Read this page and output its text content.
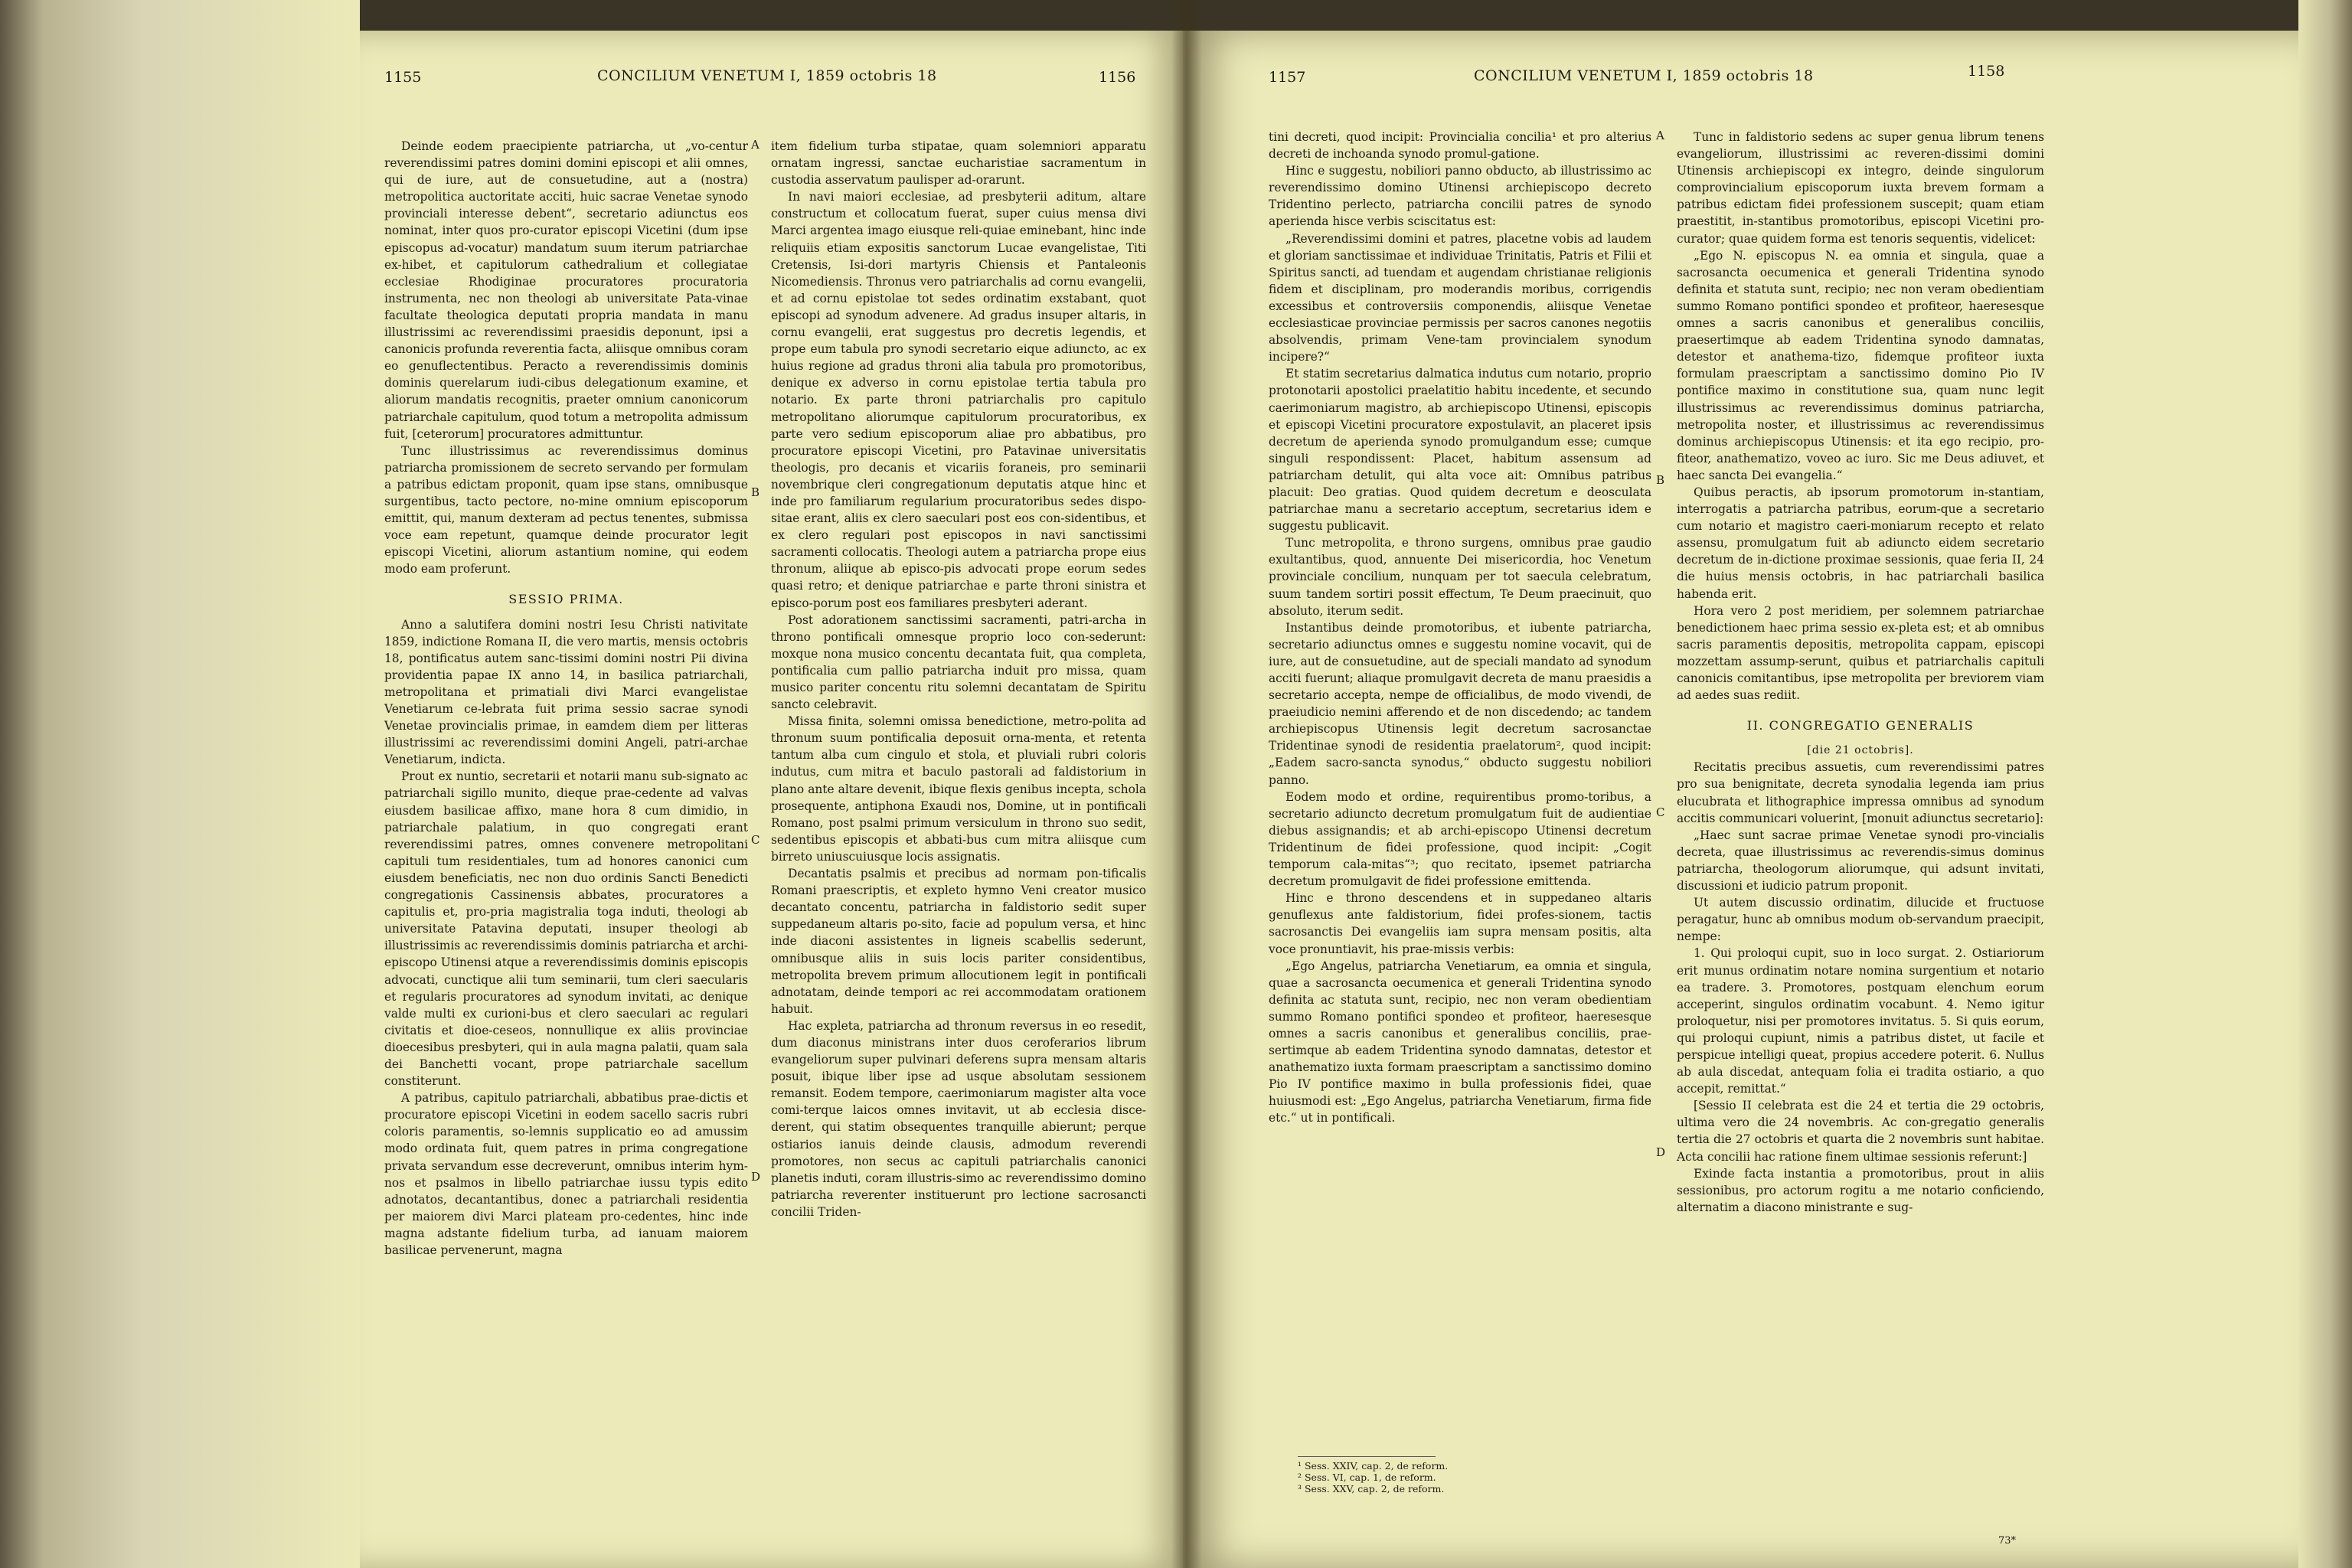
1155	CONCILIUM VENETUM I, 1859 octobris 18	1156

Deinde eodem praecipiente patriarcha, ut „vo-centur reverendissimi patres domini domini episcopi et alii omnes, qui de iure, aut de consuetudine, aut a (nostra) metropolitica auctoritate acciti, huic sacrae Venetae synodo provinciali interesse debent“, secretario adiunctus eos nominat, inter quos pro-curator episcopi Vicetini (dum ipse episcopus ad-vocatur) mandatum suum iterum patriarchae ex-hibet, et capitulorum cathedralium et collegiatae ecclesiae Rhodiginae procuratores procuratoria instrumenta, nec non theologi ab universitate Pata-vinae facultate theologica deputati propria mandata in manu illustrissimi ac reverendissimi praesidis deponunt, ipsi a canonicis profunda reverentia facta, aliisque omnibus coram eo genuflectentibus. Peracto a reverendissimis dominis dominis querelarum iudi-cibus delegationum examine, et aliorum mandatis recognitis, praeter omnium canonicorum patriarchale capitulum, quod totum a metropolita admissum fuit, [ceterorum] procuratores admittuntur.

Tunc illustrissimus ac reverendissimus dominus patriarcha promissionem de secreto servando per formulam a patribus edictam proponit, quam ipse stans, omnibusque surgentibus, tacto pectore, no-mine omnium episcoporum emittit, qui, manum dexteram ad pectus tenentes, submissa voce eam repetunt, quamque deinde procurator legit episcopi Vicetini, aliorum astantium nomine, qui eodem modo eam proferunt.

SESSIO PRIMA.

Anno a salutifera domini nostri Iesu Christi nativitate 1859, indictione Romana II, die vero martis, mensis octobris 18, pontificatus autem sanc-tissimi domini nostri Pii divina providentia papae IX anno 14, in basilica patriarchali, metropolitana et primatiali divi Marci evangelistae Venetiarum ce-lebrata fuit prima sessio sacrae synodi Venetae provincialis primae, in eamdem diem per litteras illustrissimi ac reverendissimi domini Angeli, patri-archae Venetiarum, indicta.

Prout ex nuntio, secretarii et notarii manu sub-signato ac patriarchali sigillo munito, dieque prae-cedente ad valvas eiusdem basilicae affixo, mane hora 8 cum dimidio, in patriarchale palatium, in quo congregati erant reverendissimi patres, omnes convenere metropolitani capituli tum residentiales, tum ad honores canonici cum eiusdem beneficiatis, nec non duo ordinis Sancti Benedicti congregationis Cassinensis abbates, procuratores a capitulis et, pro-pria magistralia toga induti, theologi ab universitate Patavina deputati, insuper theologi ab illustrissimis ac reverendissimis dominis patriarcha et archi-episcopo Utinensi atque a reverendissimis dominis episcopis advocati, cunctique alii tum seminarii, tum cleri saecularis et regularis procuratores ad synodum invitati, ac denique valde multi ex curioni-bus et clero saeculari ac regulari civitatis et dioe-ceseos, nonnullique ex aliis provinciae dioecesibus presbyteri, qui in aula magna palatii, quam sala dei Banchetti vocant, prope patriarchale sacellum constiterunt.

A patribus, capitulo patriarchali, abbatibus prae-dictis et procuratore episcopi Vicetini in eodem sacello sacris rubri coloris paramentis, so-lemnis supplicatio eo ad amussim modo ordinata fuit, quem patres in prima congregatione privata servandum esse decreverunt, omnibus interim hym-nos et psalmos in libello patriarchae iussu typis edito adnotatos, decantantibus, donec a patriarchali residentia per maiorem divi Marci plateam pro-cedentes, hinc inde magna adstante fidelium turba, ad ianuam maiorem basilicae pervenerunt, magna

A
B
C
D

item fidelium turba stipatae, quam solemniori apparatu ornatam ingressi, sanctae eucharistiae sacramentum in custodia asservatum paulisper ad-orarunt.

In navi maiori ecclesiae, ad presbyterii aditum, altare constructum et collocatum fuerat, super cuius mensa divi Marci argentea imago eiusque reli-quiae eminebant, hinc inde reliquiis etiam expositis sanctorum Lucae evangelistae, Titi Cretensis, Isi-dori martyris Chiensis et Pantaleonis Nicomediensis. Thronus vero patriarchalis ad cornu evangelii, et ad cornu epistolae tot sedes ordinatim exstabant, quot episcopi ad synodum advenere. Ad gradus insuper altaris, in cornu evangelii, erat suggestus pro decretis legendis, et prope eum tabula pro synodi secretario eique adiuncto, ac ex huius regione ad gradus throni alia tabula pro promotoribus, denique ex adverso in cornu epistolae tertia tabula pro notario. Ex parte throni patriarchalis pro capitulo metropolitano aliorumque capitulorum procuratoribus, ex parte vero sedium episcoporum aliae pro abbatibus, pro procuratore episcopi Vicetini, pro Patavinae universitatis theologis, pro decanis et vicariis foraneis, pro seminarii novembrique cleri congregationum deputatis atque hinc et inde pro familiarum regularium procuratoribus sedes dispo-sitae erant, aliis ex clero saeculari post eos con-sidentibus, et ex clero regulari post episcopos in navi sanctissimi sacramenti collocatis. Theologi autem a patriarcha prope eius thronum, aliique ab episco-pis advocati prope eorum sedes quasi retro; et denique patriarchae e parte throni sinistra et episco-porum post eos familiares presbyteri aderant.

Post adorationem sanctissimi sacramenti, patri-archa in throno pontificali omnesque proprio loco con-sederunt: moxque nona musico concentu decantata fuit, qua completa, pontificalia cum pallio patriarcha induit pro missa, quam musico pariter concentu ritu solemni decantatam de Spiritu sancto celebravit.

Missa finita, solemni omissa benedictione, metro-polita ad thronum suum pontificalia deposuit orna-menta, et retenta tantum alba cum cingulo et stola, et pluviali rubri coloris indutus, cum mitra et baculo pastorali ad faldistorium in plano ante altare devenit, ibique flexis genibus incepta, schola prosequente, antiphona Exaudi nos, Domine, ut in pontificali Romano, post psalmi primum versiculum in throno suo sedit, sedentibus episcopis et abbati-bus cum mitra aliisque cum birreto uniuscuiusque locis assignatis.

Decantatis psalmis et precibus ad normam pon-tificalis Romani praescriptis, et expleto hymno Veni creator musico decantato concentu, patriarcha in faldistorio sedit super suppedaneum altaris po-sito, facie ad populum versa, et hinc inde diaconi assistentes in ligneis scabellis sederunt, omnibusque aliis in suis locis pariter considentibus, metropolita brevem primum allocutionem legit in pontificali adnotatam, deinde tempori ac rei accommodatam orationem habuit.

Hac expleta, patriarcha ad thronum reversus in eo resedit, dum diaconus ministrans inter duos ceroferarios librum evangeliorum super pulvinari deferens supra mensam altaris posuit, ibique liber ipse ad usque absolutam sessionem remansit. Eodem tempore, caerimoniarum magister alta voce comi-terque laicos omnes invitavit, ut ab ecclesia disce-derent, qui statim obsequentes tranquille abierunt; perque ostiarios ianuis deinde clausis, admodum reverendi promotores, non secus ac capituli patriarchalis canonici planetis induti, coram illustris-simo ac reverendissimo domino patriarcha reverenter instituerunt pro lectione sacrosancti concilii Triden-

1157	CONCILIUM VENETUM I, 1859 octobris 18	1158

tini decreti, quod incipit: Provincialia concilia¹ et pro alterius decreti de inchoanda synodo promul-gatione.

Hinc e suggestu, nobiliori panno obducto, ab illustrissimo ac reverendissimo domino Utinensi archiepiscopo decreto Tridentino perlecto, patriarcha concilii patres de synodo aperienda hisce verbis sciscitatus est:

„Reverendissimi domini et patres, placetne vobis ad laudem et gloriam sanctissimae et individuae Trinitatis, Patris et Filii et Spiritus sancti, ad tuendam et augendam christianae religionis fidem et disciplinam, pro moderandis moribus, corrigendis excessibus et controversiis componendis, aliisque Venetae ecclesiasticae provinciae permissis per sacros canones negotiis absolvendis, primam Vene-tam provincialem synodum incipere?“

Et statim secretarius dalmatica indutus cum notario, proprio protonotarii apostolici praelatitio habitu incedente, et secundo caerimoniarum magistro, ab archiepiscopo Utinensi, episcopis et episcopi Vicetini procuratore expostulavit, an placeret ipsis decretum de aperienda synodo promulgandum esse; cumque singuli respondissent: Placet, habitum assensum ad patriarcham detulit, qui alta voce ait: Omnibus patribus placuit: Deo gratias. Quod quidem decretum e deosculata patriarchae manu a secretario acceptum, secretarius idem e suggestu publicavit.

Tunc metropolita, e throno surgens, omnibus prae gaudio exultantibus, quod, annuente Dei misericordia, hoc Venetum provinciale concilium, nunquam per tot saecula celebratum, suum tandem sortiri possit effectum, Te Deum praecinuit, quo absoluto, iterum sedit.

Instantibus deinde promotoribus, et iubente patriarcha, secretario adiunctus omnes e suggestu nomine vocavit, qui de iure, aut de consuetudine, aut de speciali mandato ad synodum acciti fuerunt; aliaque promulgavit decreta de manu praesidis a secretario accepta, nempe de officialibus, de modo vivendi, de praeiudicio nemini afferendo et de non discedendo; ac tandem archiepiscopus Utinensis legit decretum sacrosanctae Tridentinae synodi de residentia praelatorum², quod incipit: „Eadem sacro-sancta synodus,“ obducto suggestu nobiliori panno.

Eodem modo et ordine, requirentibus promo-toribus, a secretario adiuncto decretum promulgatum fuit de audientiae diebus assignandis; et ab archi-episcopo Utinensi decretum Tridentinum de fidei professione, quod incipit: „Cogit temporum cala-mitas“³; quo recitato, ipsemet patriarcha decretum promulgavit de fidei professione emittenda.

Hinc e throno descendens et in suppedaneo altaris genuflexus ante faldistorium, fidei profes-sionem, tactis sacrosanctis Dei evangeliis iam supra mensam positis, alta voce pronuntiavit, his prae-missis verbis:

„Ego Angelus, patriarcha Venetiarum, ea omnia et singula, quae a sacrosancta oecumenica et generali Tridentina synodo definita ac statuta sunt, recipio, nec non veram obedientiam summo Romano pontifici spondeo et profiteor, haeresesque omnes a sacris canonibus et generalibus conciliis, prae-sertimque ab eadem Tridentina synodo damnatas, detestor et anathematizo iuxta formam praescriptam a sanctissimo domino Pio IV pontifice maximo in bulla professionis fidei, quae huiusmodi est: „Ego Angelus, patriarcha Venetiarum, firma fide etc.“ ut in pontificali.

¹ Sess. XXIV, cap. 2, de reform.
² Sess. VI, cap. 1, de reform.
³ Sess. XXV, cap. 2, de reform.
A
B
C
D

Tunc in faldistorio sedens ac super genua librum tenens evangeliorum, illustrissimi ac reveren-dissimi domini Utinensis archiepiscopi ex integro, deinde singulorum comprovincialium episcoporum iuxta brevem formam a patribus edictam fidei professionem suscepit; quam etiam praestitit, in-stantibus promotoribus, episcopi Vicetini pro-curator; quae quidem forma est tenoris sequentis, videlicet:

„Ego N. episcopus N. ea omnia et singula, quae a sacrosancta oecumenica et generali Tridentina synodo definita et statuta sunt, recipio; nec non veram obedientiam summo Romano pontifici spondeo et profiteor, haeresesque omnes a sacris canonibus et generalibus conciliis, praesertimque ab eadem Tridentina synodo damnatas, detestor et anathema-tizo, fidemque profiteor iuxta formulam praescriptam a sanctissimo domino Pio IV pontifice maximo in constitutione sua, quam nunc legit illustrissimus ac reverendissimus dominus patriarcha, metropolita noster, et illustrissimus ac reverendissimus dominus archiepiscopus Utinensis: et ita ego recipio, pro-fiteor, anathematizo, voveo ac iuro. Sic me Deus adiuvet, et haec sancta Dei evangelia.“

Quibus peractis, ab ipsorum promotorum in-stantiam, interrogatis a patriarcha patribus, eorum-que a secretario cum notario et magistro caeri-moniarum recepto et relato assensu, promulgatum fuit ab adiuncto eidem secretario decretum de in-dictione proximae sessionis, quae feria II, 24 die huius mensis octobris, in hac patriarchali basilica habenda erit.

Hora vero 2 post meridiem, per solemnem patriarchae benedictionem haec prima sessio ex-pleta est; et ab omnibus sacris paramentis depositis, metropolita cappam, episcopi mozzettam assump-serunt, quibus et patriarchalis capituli canonicis comitantibus, ipse metropolita per breviorem viam ad aedes suas rediit.

II. CONGREGATIO GENERALIS

[die 21 octobris].

Recitatis precibus assuetis, cum reverendissimi patres pro sua benignitate, decreta synodalia legenda iam prius elucubrata et lithographice impressa omnibus ad synodum accitis communicari voluerint, [monuit adiunctus secretario]:

„Haec sunt sacrae primae Venetae synodi pro-vincialis decreta, quae illustrissimus ac reverendis-simus dominus patriarcha, theologorum aliorumque, qui adsunt invitati, discussioni et iudicio patrum proponit.

Ut autem discussio ordinatim, dilucide et fructuose peragatur, hunc ab omnibus modum ob-servandum praecipit, nempe:

1. Qui proloqui cupit, suo in loco surgat. 2. Ostiariorum erit munus ordinatim notare nomina surgentium et notario ea tradere. 3. Promotores, postquam elenchum eorum acceperint, singulos ordinatim vocabunt. 4. Nemo igitur proloquetur, nisi per promotores invitatus. 5. Si quis eorum, qui proloqui cupiunt, nimis a patribus distet, ut facile et perspicue intelligi queat, propius accedere poterit. 6. Nullus ab aula discedat, antequam folia ei tradita ostiario, a quo accepit, remittat.“

[Sessio II celebrata est die 24 et tertia die 29 octobris, ultima vero die 24 novembris. Ac con-gregatio generalis tertia die 27 octobris et quarta die 2 novembris sunt habitae. Acta concilii hac ratione finem ultimae sessionis referunt:]

Exinde facta instantia a promotoribus, prout in aliis sessionibus, pro actorum rogitu a me notario conficiendo, alternatim a diacono ministrante e sug-

73*
